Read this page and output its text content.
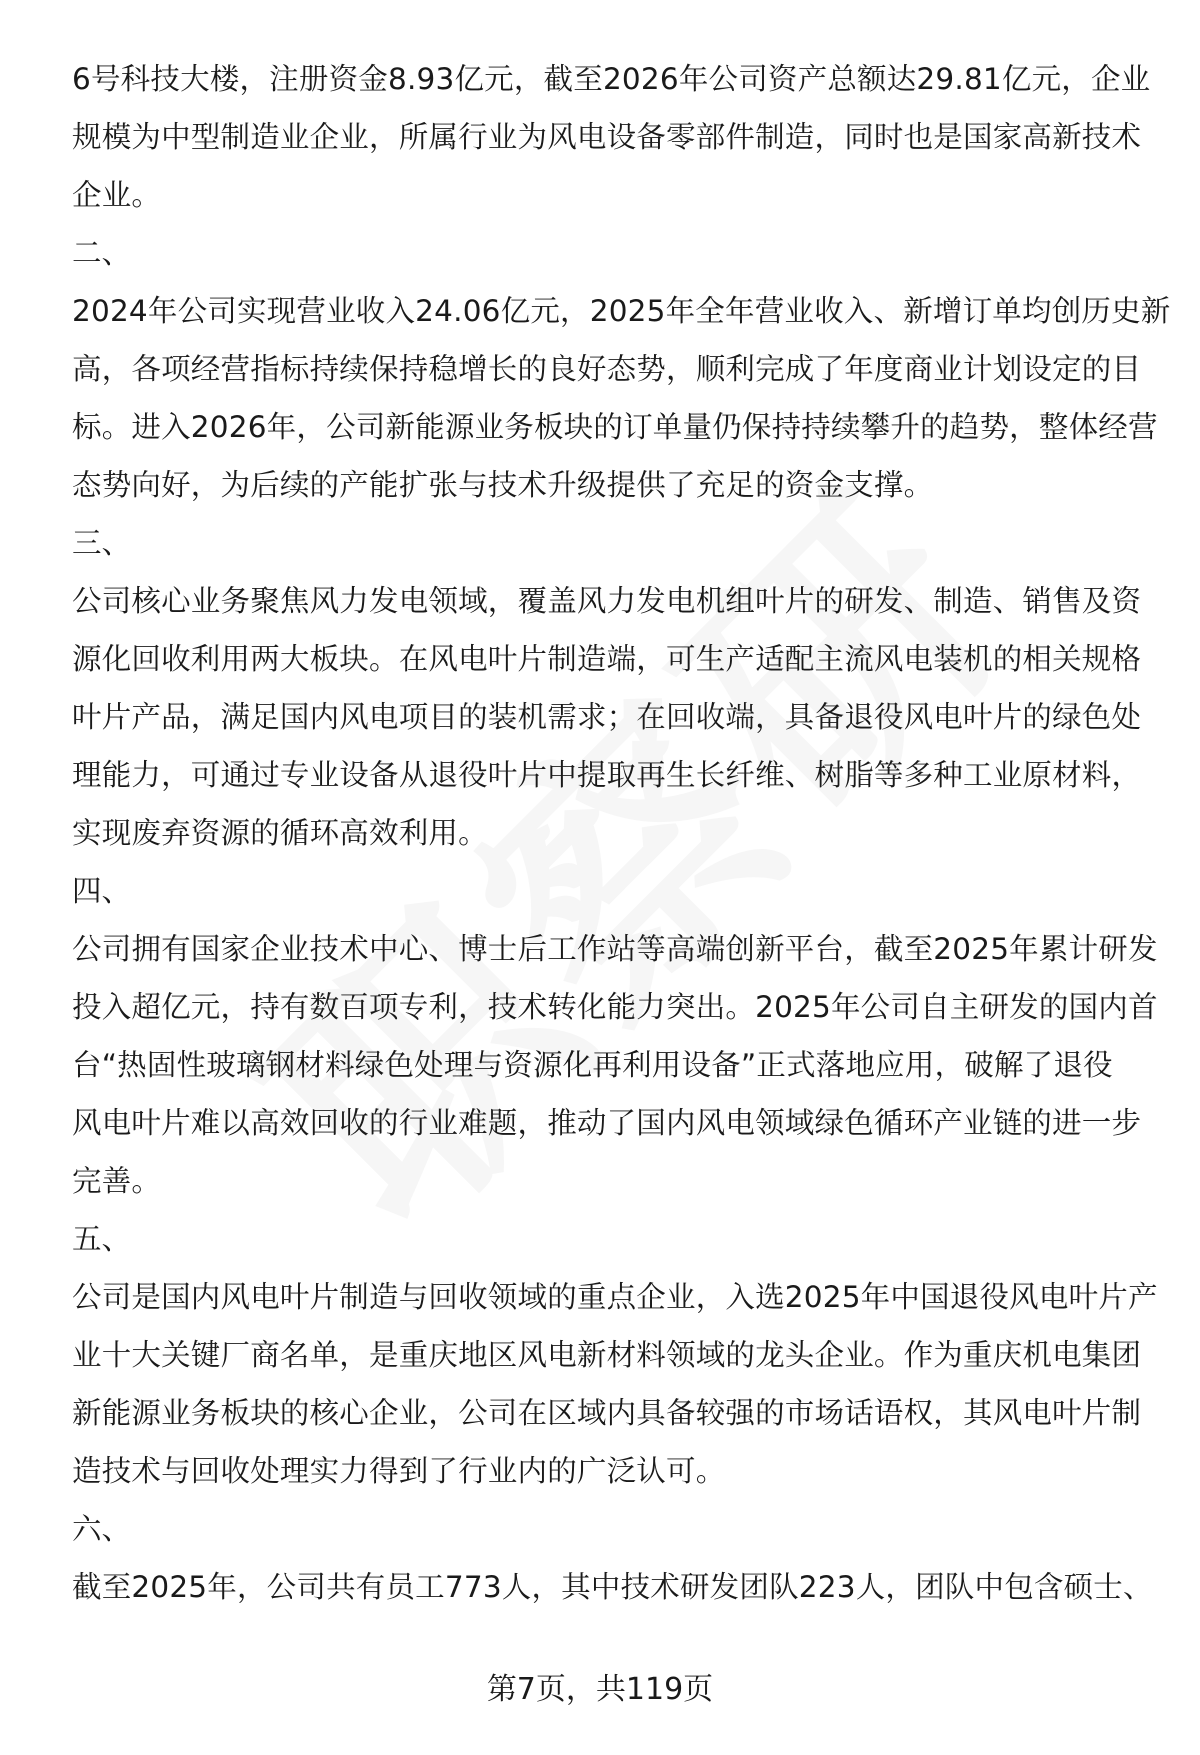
6号科技大楼，注册资金8.93亿元，截至2026年公司资产总额达29.81亿元，企业
规模为中型制造业企业，所属行业为风电设备零部件制造，同时也是国家高新技术
企业。
二、
2024年公司实现营业收入24.06亿元，2025年全年营业收入、新增订单均创历史新
高，各项经营指标持续保持稳增长的良好态势，顺利完成了年度商业计划设定的目
标。进入2026年，公司新能源业务板块的订单量仍保持持续攀升的趋势，整体经营
态势向好，为后续的产能扩张与技术升级提供了充足的资金支撑。
三、
公司核心业务聚焦风力发电领域，覆盖风力发电机组叶片的研发、制造、销售及资
源化回收利用两大板块。在风电叶片制造端，可生产适配主流风电装机的相关规格
叶片产品，满足国内风电项目的装机需求；在回收端，具备退役风电叶片的绿色处
理能力，可通过专业设备从退役叶片中提取再生长纤维、树脂等多种工业原材料，
实现废弃资源的循环高效利用。
四、
公司拥有国家企业技术中心、博士后工作站等高端创新平台，截至2025年累计研发
投入超亿元，持有数百项专利，技术转化能力突出。2025年公司自主研发的国内首
台“热固性玻璃钢材料绿色处理与资源化再利用设备”正式落地应用，破解了退役
风电叶片难以高效回收的行业难题，推动了国内风电领域绿色循环产业链的进一步
完善。
五、
公司是国内风电叶片制造与回收领域的重点企业，入选2025年中国退役风电叶片产
业十大关键厂商名单，是重庆地区风电新材料领域的龙头企业。作为重庆机电集团
新能源业务板块的核心企业，公司在区域内具备较强的市场话语权，其风电叶片制
造技术与回收处理实力得到了行业内的广泛认可。
六、
截至2025年，公司共有员工773人，其中技术研发团队223人，团队中包含硕士、
第7页，共119页
